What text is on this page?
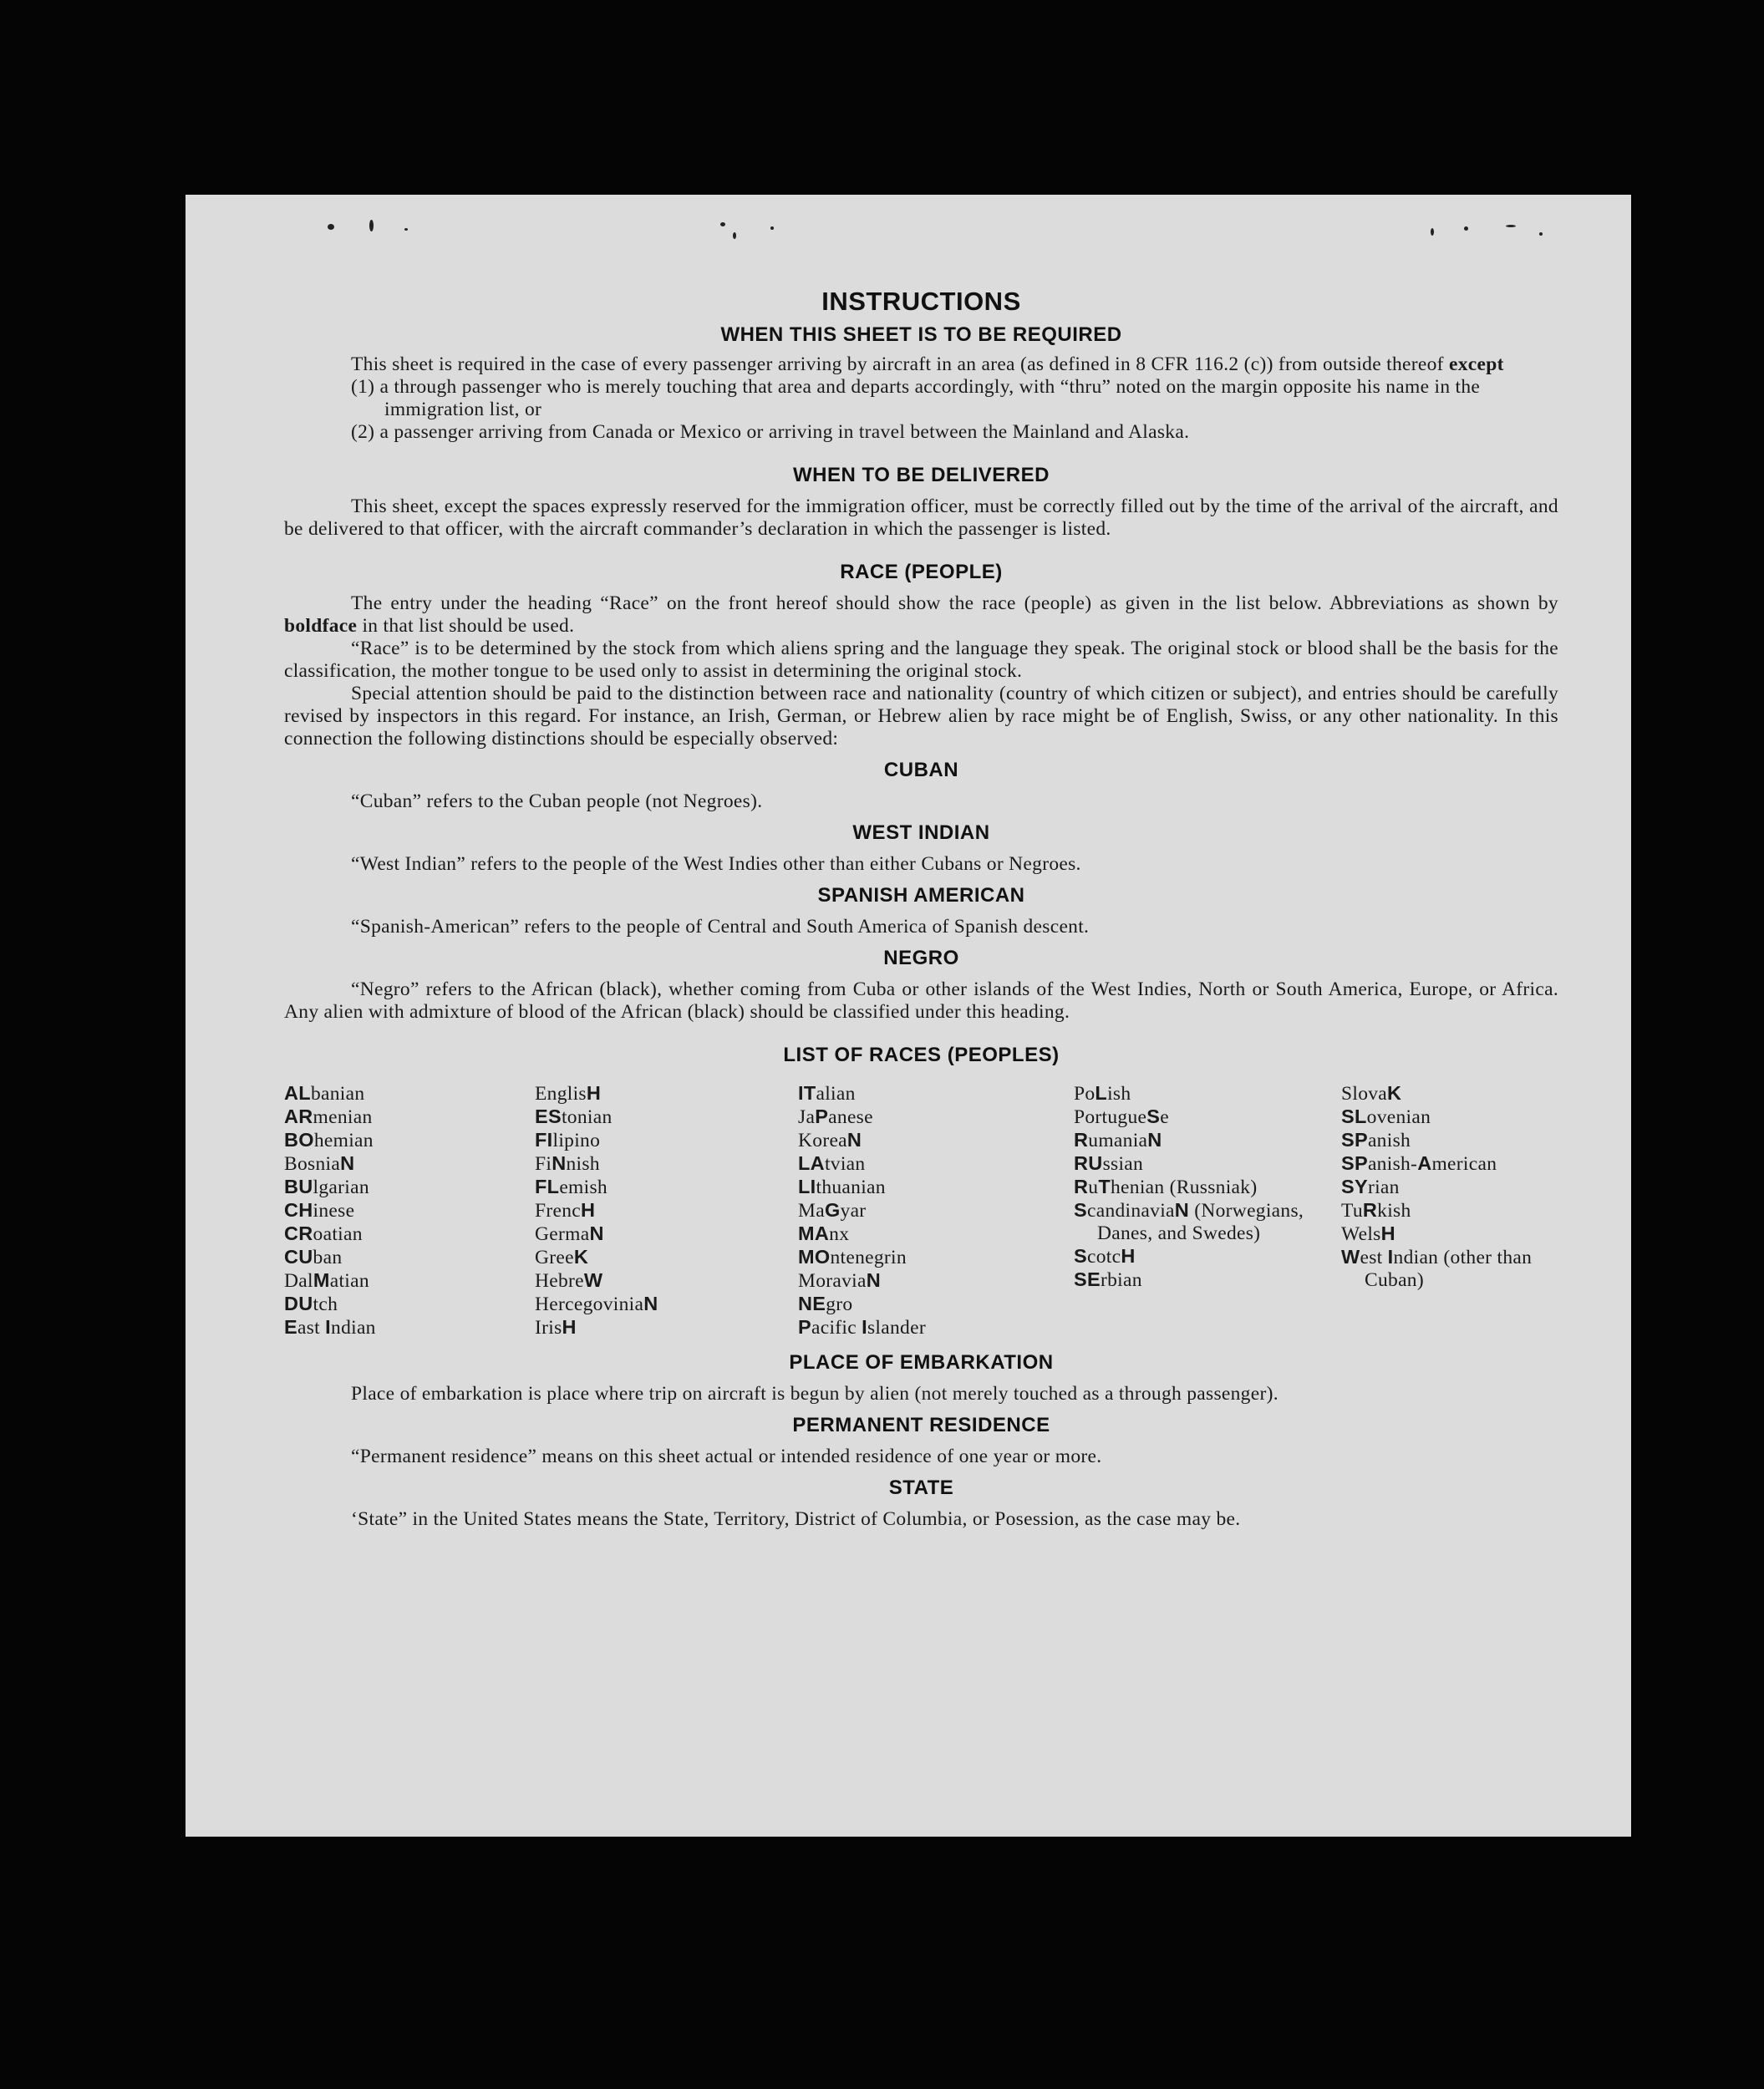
INSTRUCTIONS
WHEN THIS SHEET IS TO BE REQUIRED

This sheet is required in the case of every passenger arriving by aircraft in an area (as defined in 8 CFR 116.2 (c)) from outside thereof except

(1) a through passenger who is merely touching that area and departs accordingly, with “thru” noted on the margin opposite his name in the immigration list, or

(2) a passenger arriving from Canada or Mexico or arriving in travel between the Mainland and Alaska.

WHEN TO BE DELIVERED

This sheet, except the spaces expressly reserved for the immigration officer, must be correctly filled out by the time of the arrival of the aircraft, and be delivered to that officer, with the aircraft commander’s declaration in which the passenger is listed.

RACE (PEOPLE)

The entry under the heading “Race” on the front hereof should show the race (people) as given in the list below. Abbreviations as shown by boldface in that list should be used.

“Race” is to be determined by the stock from which aliens spring and the language they speak. The original stock or blood shall be the basis for the classification, the mother tongue to be used only to assist in determining the original stock.

Special attention should be paid to the distinction between race and nationality (country of which citizen or subject), and entries should be carefully revised by inspectors in this regard. For instance, an Irish, German, or Hebrew alien by race might be of English, Swiss, or any other nationality. In this connection the following distinctions should be especially observed:

CUBAN

“Cuban” refers to the Cuban people (not Negroes).

WEST INDIAN

“West Indian” refers to the people of the West Indies other than either Cubans or Negroes.

SPANISH AMERICAN

“Spanish-American” refers to the people of Central and South America of Spanish descent.

NEGRO

“Negro” refers to the African (black), whether coming from Cuba or other islands of the West Indies, North or South America, Europe, or Africa. Any alien with admixture of blood of the African (black) should be classified under this heading.

LIST OF RACES (PEOPLES)
ALbanian
ARmenian
BOhemian
BosniaN
BUlgarian
CHinese
CRoatian
CUban
DalMatian
DUtch
East Indian
EnglisH
EStonian
FIlipino
FiNnish
FLemish
FrencH
GermaN
GreeK
HebreW
HercegoviniaN
IrisH
ITalian
JaPanese
KoreaN
LAtvian
LIthuanian
MaGyar
MAnx
MOntenegrin
MoraviaN
NEgro
Pacific Islander
PoLish
PortugueSe
RumaniaN
RUssian
RuThenian (Russniak)
ScandinaviaN (Norwegians, Danes, and Swedes)
ScotcH
SErbian
SlovaK
SLovenian
SPanish
SPanish-American
SYrian
TuRkish
WelsH
West Indian (other than Cuban)
PLACE OF EMBARKATION

Place of embarkation is place where trip on aircraft is begun by alien (not merely touched as a through passenger).

PERMANENT RESIDENCE

“Permanent residence” means on this sheet actual or intended residence of one year or more.

STATE

‘State” in the United States means the State, Territory, District of Columbia, or Posession, as the case may be.
